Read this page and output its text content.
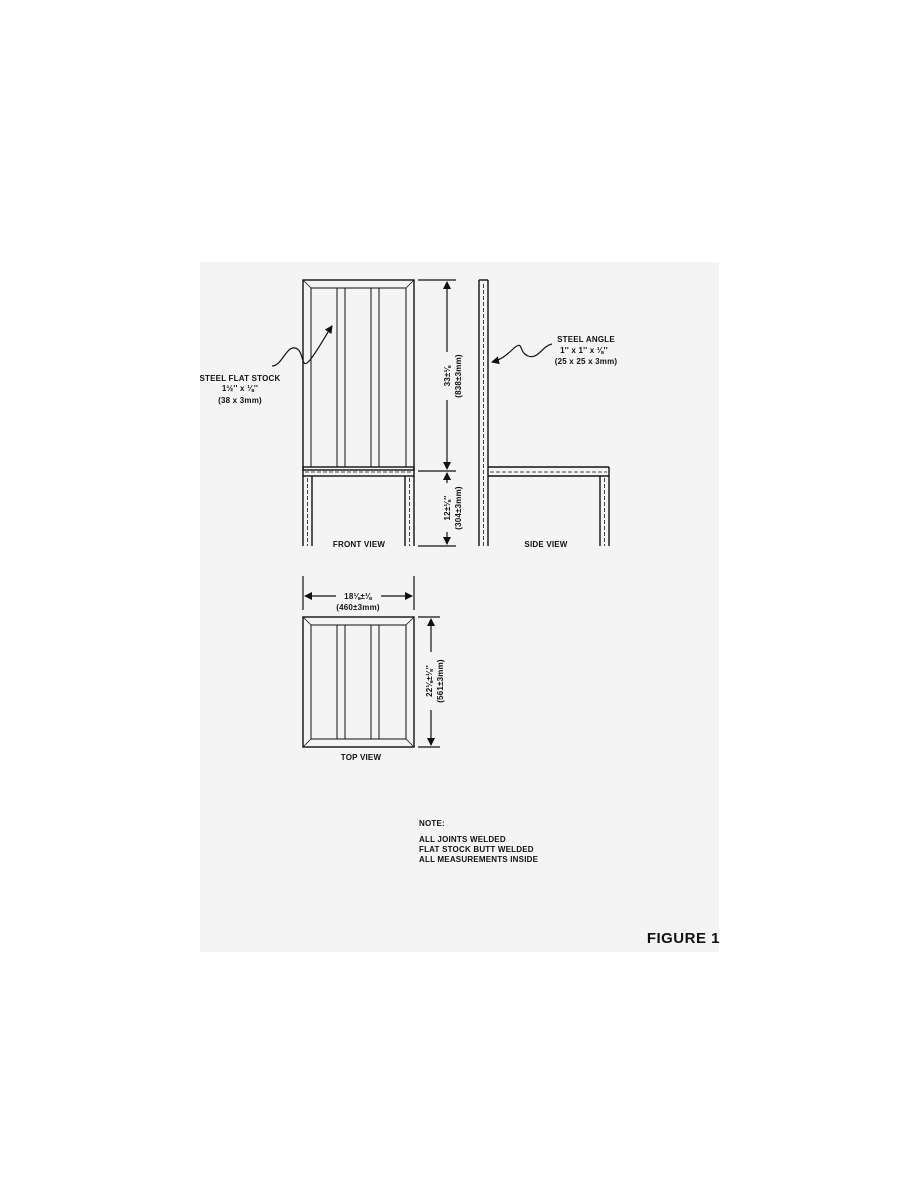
STEEL FLAT STOCK
1½'' x ⅛''
(38 x 3mm)
33±⅛ (838±3mm)
12±⅛'' (304±3mm)
FRONT VIEW
STEEL ANGLE
1'' x 1'' x ⅛''
(25 x 25 x 3mm)
SIDE VIEW
18⅛±⅛
(460±3mm)
22⅛±⅛'' (561±3mm)
TOP VIEW
NOTE:
ALL JOINTS WELDED
FLAT STOCK BUTT WELDED
ALL MEASUREMENTS INSIDE
FIGURE 1
